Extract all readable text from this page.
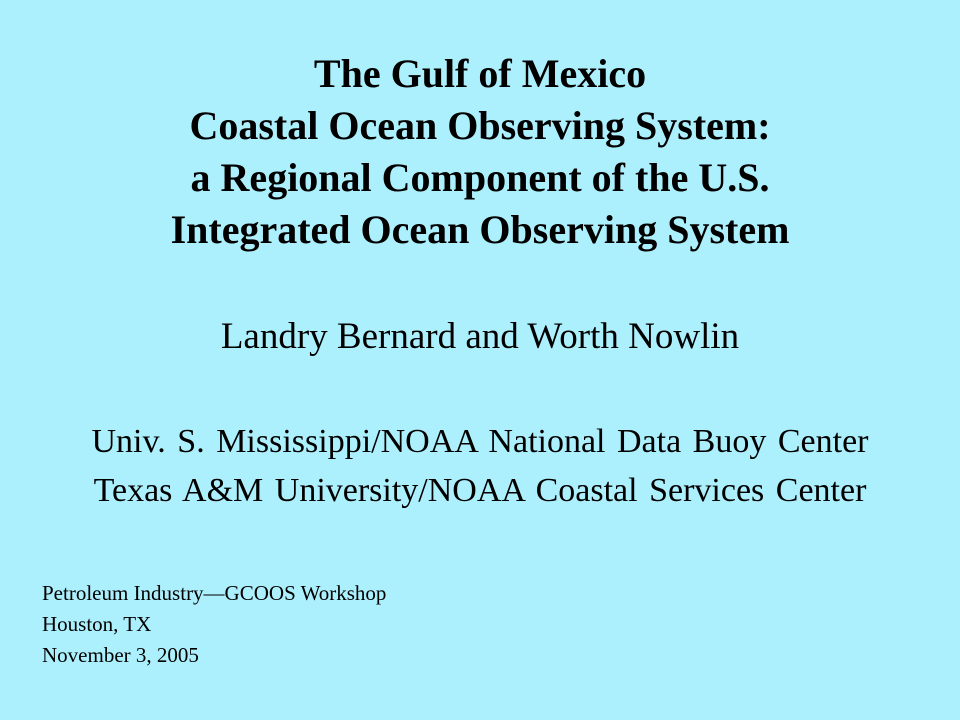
The Gulf of Mexico
Coastal Ocean Observing System:
a Regional Component of the U.S.
Integrated Ocean Observing System
Landry Bernard and Worth Nowlin
Univ. S. Mississippi/NOAA National Data Buoy Center
Texas A&M University/NOAA Coastal Services Center
Petroleum Industry—GCOOS Workshop
Houston, TX
November 3, 2005
